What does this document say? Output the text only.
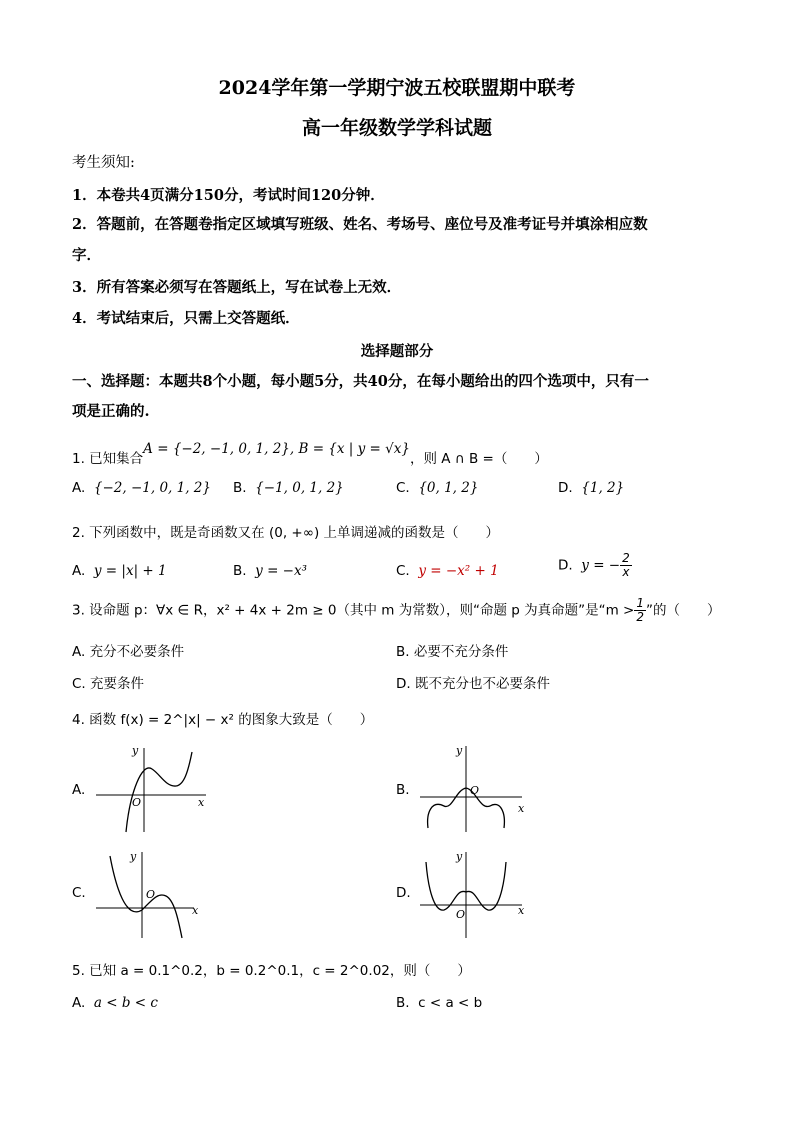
2024学年第一学期宁波五校联盟期中联考
高一年级数学学科试题
考生须知:
1．本卷共4页满分150分，考试时间120分钟．
2．答题前，在答题卷指定区域填写班级、姓名、考场号、座位号及准考证号并填涂相应数
字．
3．所有答案必须写在答题纸上，写在试卷上无效．
4．考试结束后，只需上交答题纸．
选择题部分
一、选择题：本题共8个小题，每小题5分，共40分，在每小题给出的四个选项中，只有一
项是正确的.
1. 已知集合A = {−2, −1, 0, 1, 2}, B = {x | y = √x}，则 A ∩ B =（　　）
A. {−2, −1, 0, 1, 2} B. {−1, 0, 1, 2}	C. {0, 1, 2}	D. {1, 2}
2. 下列函数中，既是奇函数又在 (0, +∞) 上单调递减的函数是（　　）
A. y = |x| + 1	B. y = −x³	C. y = −x² + 1	D. y = − $\frac{2}{x}$
3. 设命题 p：∀x ∈ R，x² + 4x + 2m ≥ 0（其中 m 为常数），则“命题 p 为真命题”是“$m > \frac{1}{2}$ ”的（　　）
A. 充分不必要条件	B. 必要不充分条件
C. 充要条件	D. 既不充分也不必要条件
4. 函数 f(x) = 2^|x| − x² 的图象大致是（　　）
A.
x
y
O
B.
x
y
O
C.
x
y
O	D.
x
y
O
5. 已知 a = 0.1^0.2，b = 0.2^0.1，c = 2^0.02，则（　　）
A. a < b < c	B. c < a < b
